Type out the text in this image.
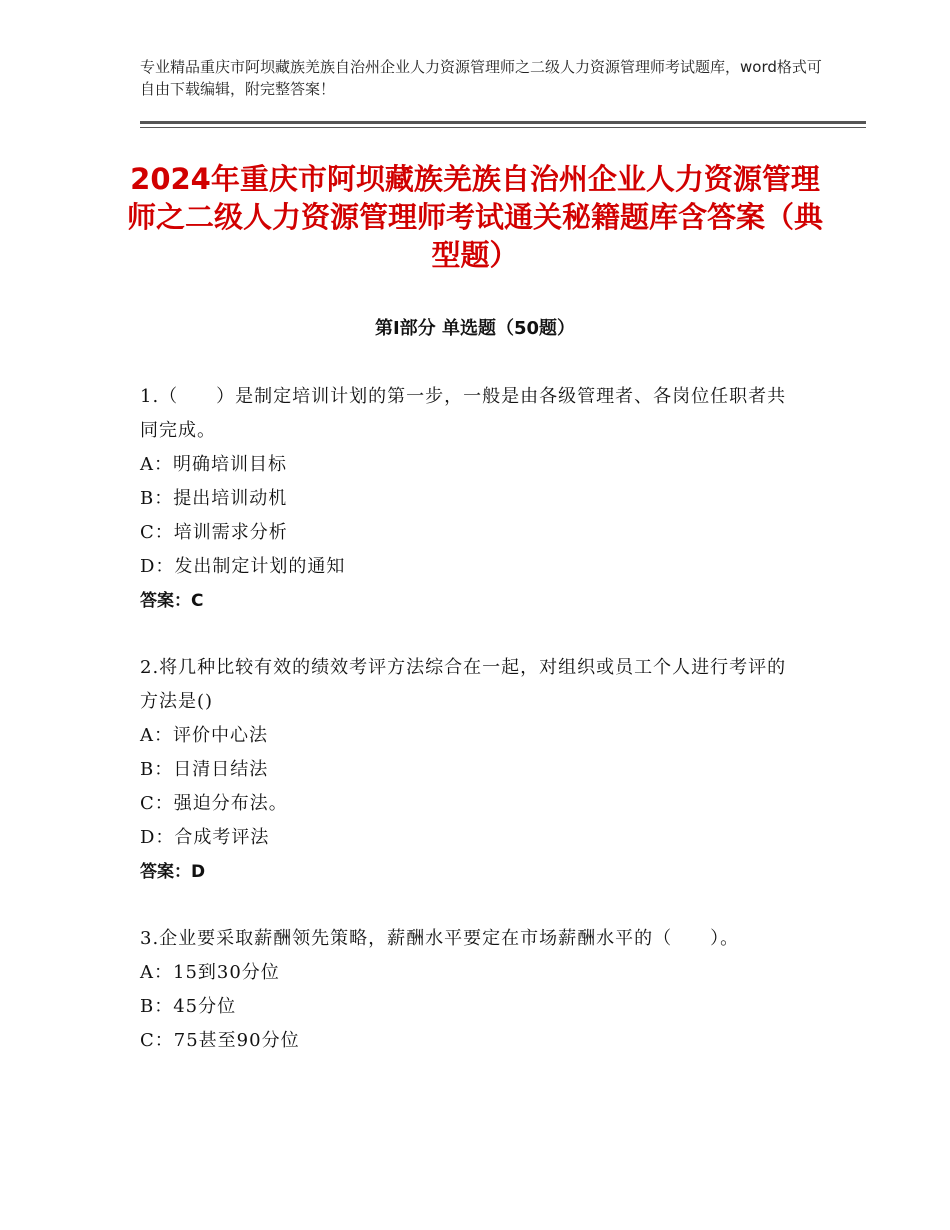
专业精品重庆市阿坝藏族羌族自治州企业人力资源管理师之二级人力资源管理师考试题库，word格式可自由下载编辑，附完整答案！

2024年重庆市阿坝藏族羌族自治州企业人力资源管理师之二级人力资源管理师考试通关秘籍题库含答案（典型题）
第Ⅰ部分 单选题（50题）

1.（　　）是制定培训计划的第一步，一般是由各级管理者、各岗位任职者共同完成。

A：明确培训目标

B：提出培训动机

C：培训需求分析

D：发出制定计划的通知

答案：C

2.将几种比较有效的绩效考评方法综合在一起，对组织或员工个人进行考评的方法是()

A：评价中心法

B：日清日结法

C：强迫分布法。

D：合成考评法

答案：D

3.企业要采取薪酬领先策略，薪酬水平要定在市场薪酬水平的（　　）。

A：15到30分位

B：45分位

C：75甚至90分位
